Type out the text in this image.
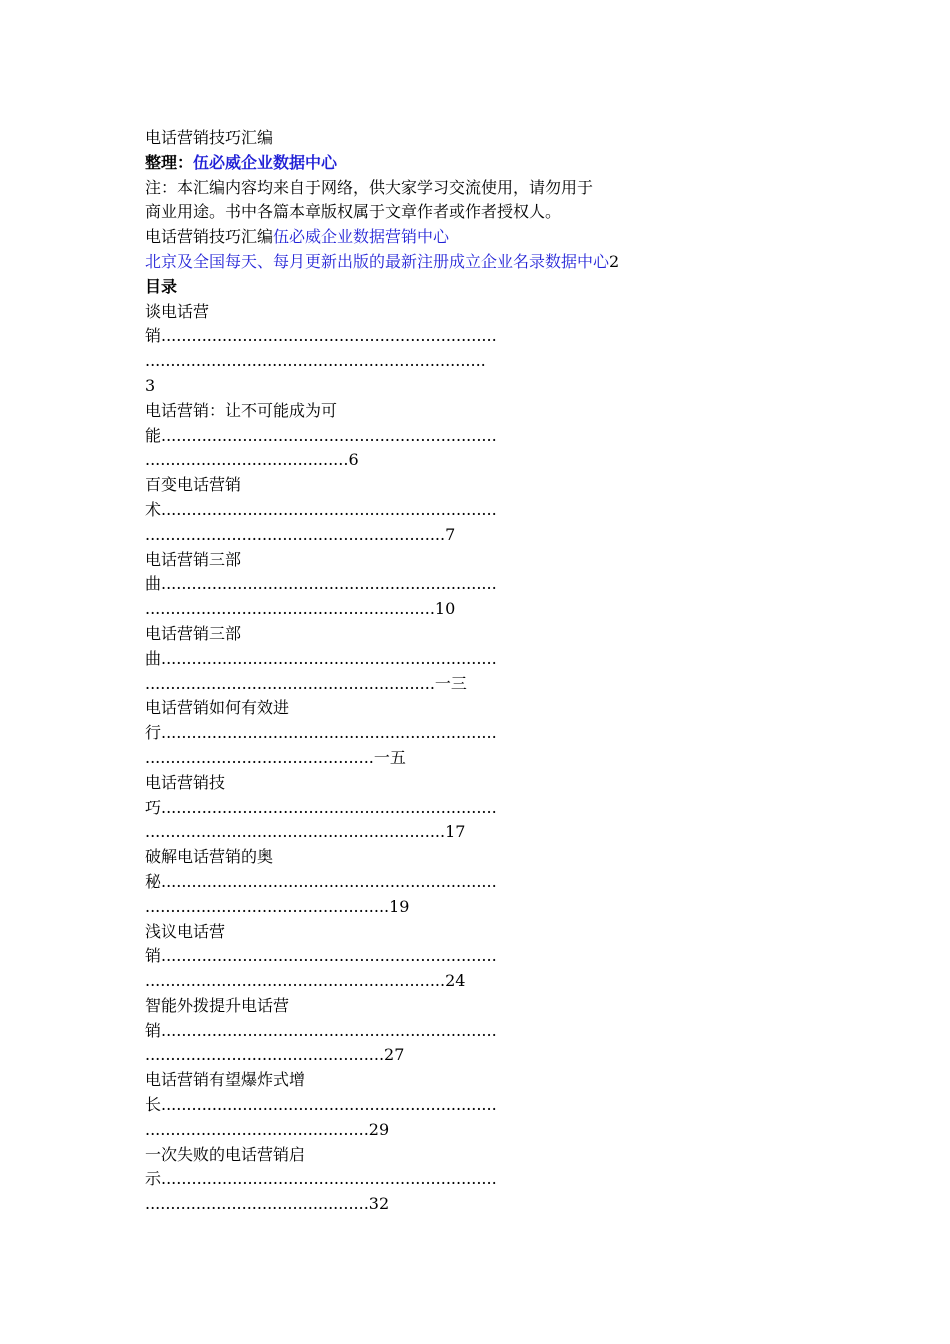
电话营销技巧汇编
整理：伍必威企业数据中心
注：本汇编内容均来自于网络，供大家学习交流使用，请勿用于
商业用途。书中各篇本章版权属于文章作者或作者授权人。
电话营销技巧汇编伍必威企业数据营销中心
北京及全国每天、每月更新出版的最新注册成立企业名录数据中心2
目录
谈电话营
销..................................................................
...................................................................
3
电话营销：让不可能成为可
能..................................................................
........................................6
百变电话营销
术..................................................................
...........................................................7
电话营销三部
曲..................................................................
.........................................................10
电话营销三部
曲..................................................................
.........................................................一三
电话营销如何有效进
行..................................................................
.............................................一五
电话营销技
巧..................................................................
...........................................................17
破解电话营销的奥
秘..................................................................
................................................19
浅议电话营
销..................................................................
...........................................................24
智能外拨提升电话营
销..................................................................
...............................................27
电话营销有望爆炸式增
长..................................................................
............................................29
一次失败的电话营销启
示..................................................................
............................................32
